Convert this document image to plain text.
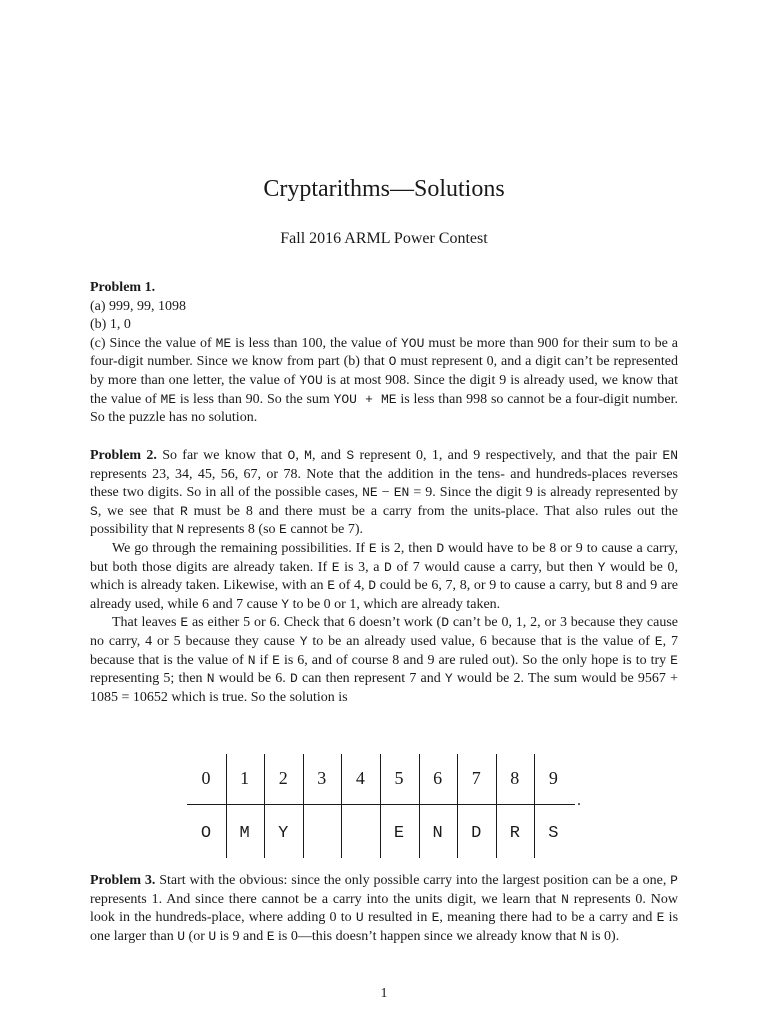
Cryptarithms—Solutions
Fall 2016 ARML Power Contest

Problem 1.

(a) 999, 99, 1098

(b) 1, 0

(c) Since the value of ME is less than 100, the value of YOU must be more than 900 for their sum to be a four-digit number. Since we know from part (b) that O must represent 0, and a digit can’t be represented by more than one letter, the value of YOU is at most 908. Since the digit 9 is already used, we know that the value of ME is less than 90. So the sum YOU + ME is less than 998 so cannot be a four-digit number. So the puzzle has no solution.

Problem 2. So far we know that O, M, and S represent 0, 1, and 9 respectively, and that the pair EN represents 23, 34, 45, 56, 67, or 78. Note that the addition in the tens- and hundreds-places reverses these two digits. So in all of the possible cases, NE − EN = 9. Since the digit 9 is already represented by S, we see that R must be 8 and there must be a carry from the units-place. That also rules out the possibility that N represents 8 (so E cannot be 7).

We go through the remaining possibilities. If E is 2, then D would have to be 8 or 9 to cause a carry, but both those digits are already taken. If E is 3, a D of 7 would cause a carry, but then Y would be 0, which is already taken. Likewise, with an E of 4, D could be 6, 7, 8, or 9 to cause a carry, but 8 and 9 are already used, while 6 and 7 cause Y to be 0 or 1, which are already taken.

That leaves E as either 5 or 6. Check that 6 doesn’t work (D can’t be 0, 1, 2, or 3 because they cause no carry, 4 or 5 because they cause Y to be an already used value, 6 because that is the value of E, 7 because that is the value of N if E is 6, and of course 8 and 9 are ruled out). So the only hope is to try E representing 5; then N would be 6. D can then represent 7 and Y would be 2. The sum would be 9567 + 1085 = 10652 which is true. So the solution is

0
O
1
M
2
Y
3	4	5
E
6
N
7
D
8
R
9
S
.

Problem 3. Start with the obvious: since the only possible carry into the largest position can be a one, P represents 1. And since there cannot be a carry into the units digit, we learn that N represents 0. Now look in the hundreds-place, where adding 0 to U resulted in E, meaning there had to be a carry and E is one larger than U (or U is 9 and E is 0—this doesn’t happen since we already know that N is 0).

1
